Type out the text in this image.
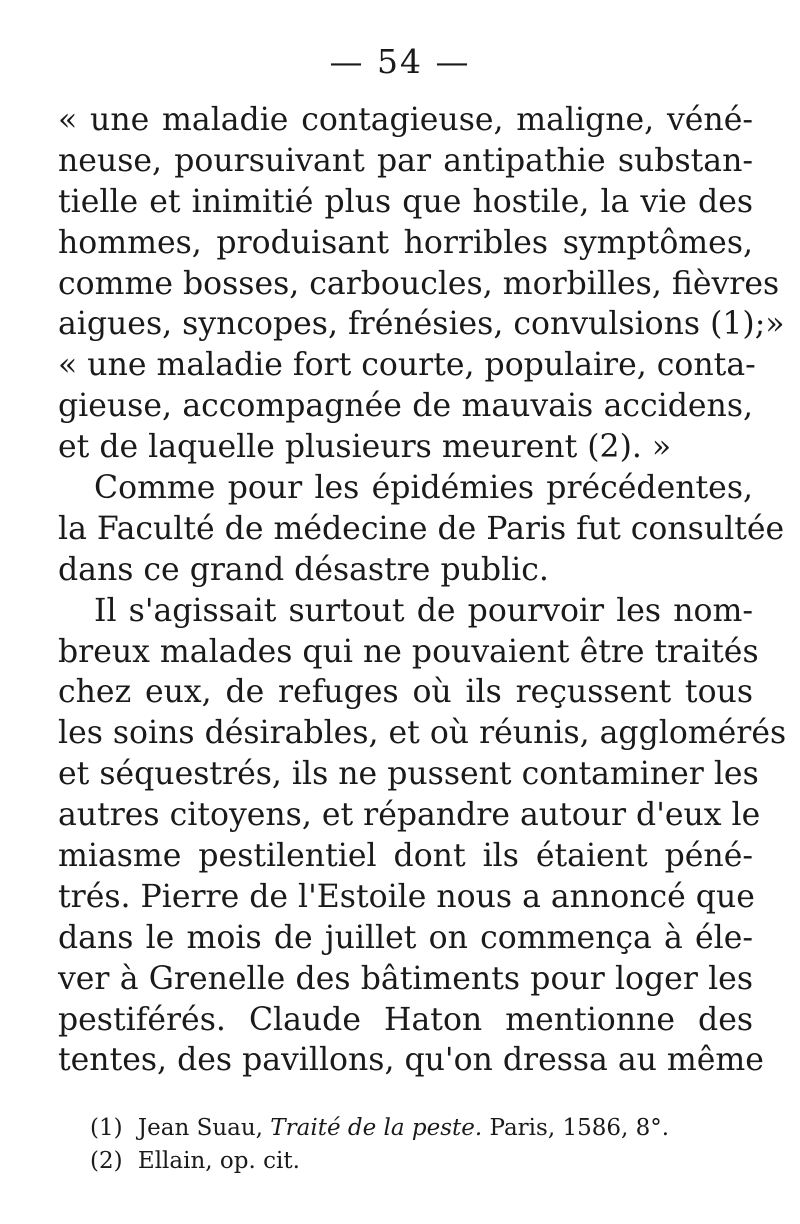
— 54 —
« une maladie contagieuse, maligne, véné-
neuse, poursuivant par antipathie substan-
tielle et inimitié plus que hostile, la vie des
hommes, produisant horribles symptômes,
comme bosses, carboucles, morbilles, fièvres
aigues, syncopes, frénésies, convulsions (1);»
« une maladie fort courte, populaire, conta-
gieuse, accompagnée de mauvais accidens,
et de laquelle plusieurs meurent (2). »
Comme pour les épidémies précédentes,
la Faculté de médecine de Paris fut consultée
dans ce grand désastre public.
Il s'agissait surtout de pourvoir les nom-
breux malades qui ne pouvaient être traités
chez eux, de refuges où ils reçussent tous
les soins désirables, et où réunis, agglomérés
et séquestrés, ils ne pussent contaminer les
autres citoyens, et répandre autour d'eux le
miasme pestilentiel dont ils étaient péné-
trés. Pierre de l'Estoile nous a annoncé que
dans le mois de juillet on commença à éle-
ver à Grenelle des bâtiments pour loger les
pestiférés. Claude Haton mentionne des
tentes, des pavillons, qu'on dressa au même
(1) Jean Suau, Traité de la peste. Paris, 1586, 8°.
(2) Ellain, op. cit.
